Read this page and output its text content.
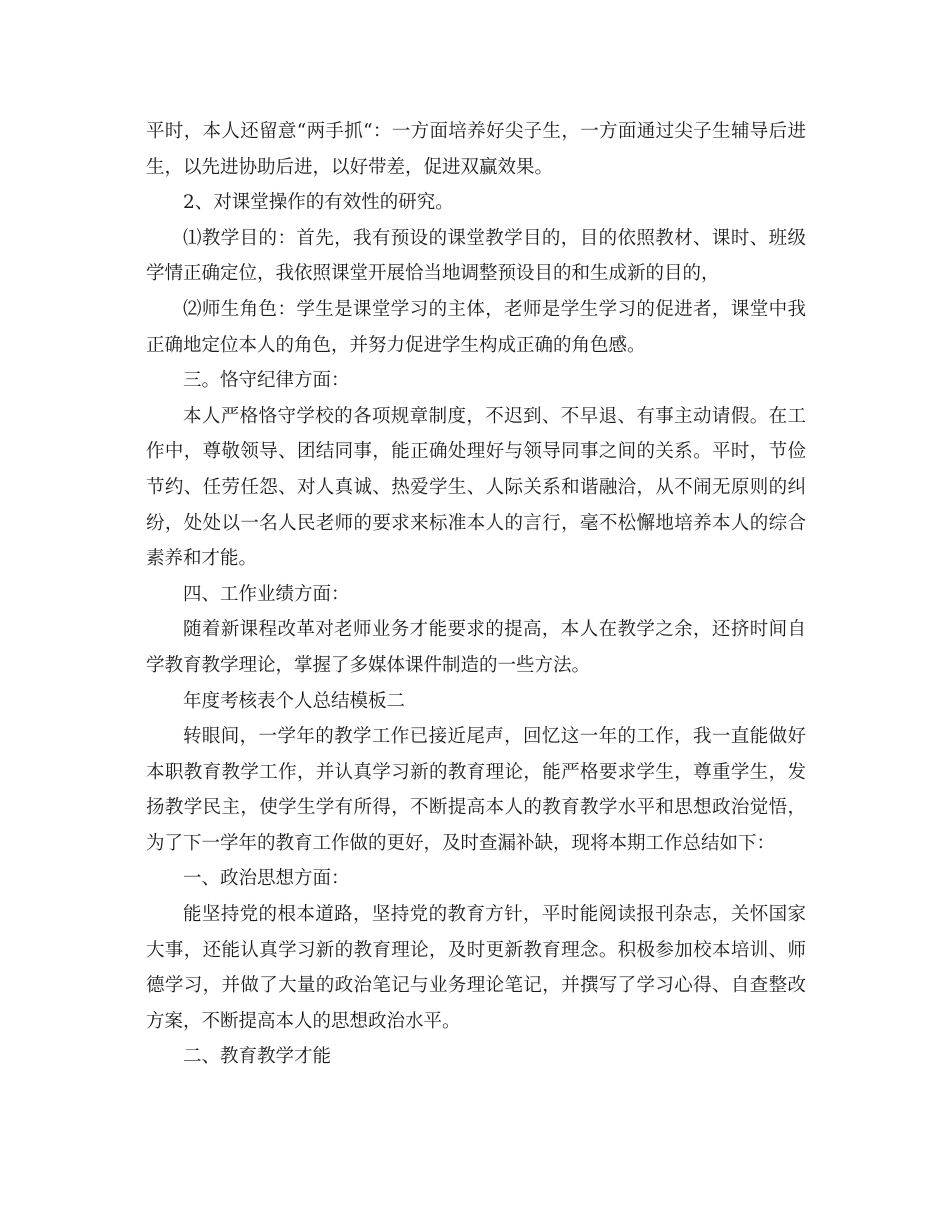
平时，本人还留意“两手抓“：一方面培养好尖子生，一方面通过尖子生辅导后进生，以先进协助后进，以好带差，促进双赢效果。

2、对课堂操作的有效性的研究。

⑴教学目的：首先，我有预设的课堂教学目的，目的依照教材、课时、班级学情正确定位，我依照课堂开展恰当地调整预设目的和生成新的目的，

⑵师生角色：学生是课堂学习的主体，老师是学生学习的促进者，课堂中我正确地定位本人的角色，并努力促进学生构成正确的角色感。

三。恪守纪律方面：

本人严格恪守学校的各项规章制度，不迟到、不早退、有事主动请假。在工作中，尊敬领导、团结同事，能正确处理好与领导同事之间的关系。平时，节俭节约、任劳任怨、对人真诚、热爱学生、人际关系和谐融洽，从不闹无原则的纠纷，处处以一名人民老师的要求来标准本人的言行，毫不松懈地培养本人的综合素养和才能。

四、工作业绩方面：

随着新课程改革对老师业务才能要求的提高，本人在教学之余，还挤时间自学教育教学理论，掌握了多媒体课件制造的一些方法。

年度考核表个人总结模板二

转眼间，一学年的教学工作已接近尾声，回忆这一年的工作，我一直能做好本职教育教学工作，并认真学习新的教育理论，能严格要求学生，尊重学生，发扬教学民主，使学生学有所得，不断提高本人的教育教学水平和思想政治觉悟，为了下一学年的教育工作做的更好，及时查漏补缺，现将本期工作总结如下：

一、政治思想方面：

能坚持党的根本道路，坚持党的教育方针，平时能阅读报刊杂志，关怀国家大事，还能认真学习新的教育理论，及时更新教育理念。积极参加校本培训、师德学习，并做了大量的政治笔记与业务理论笔记，并撰写了学习心得、自查整改方案，不断提高本人的思想政治水平。

二、教育教学才能
